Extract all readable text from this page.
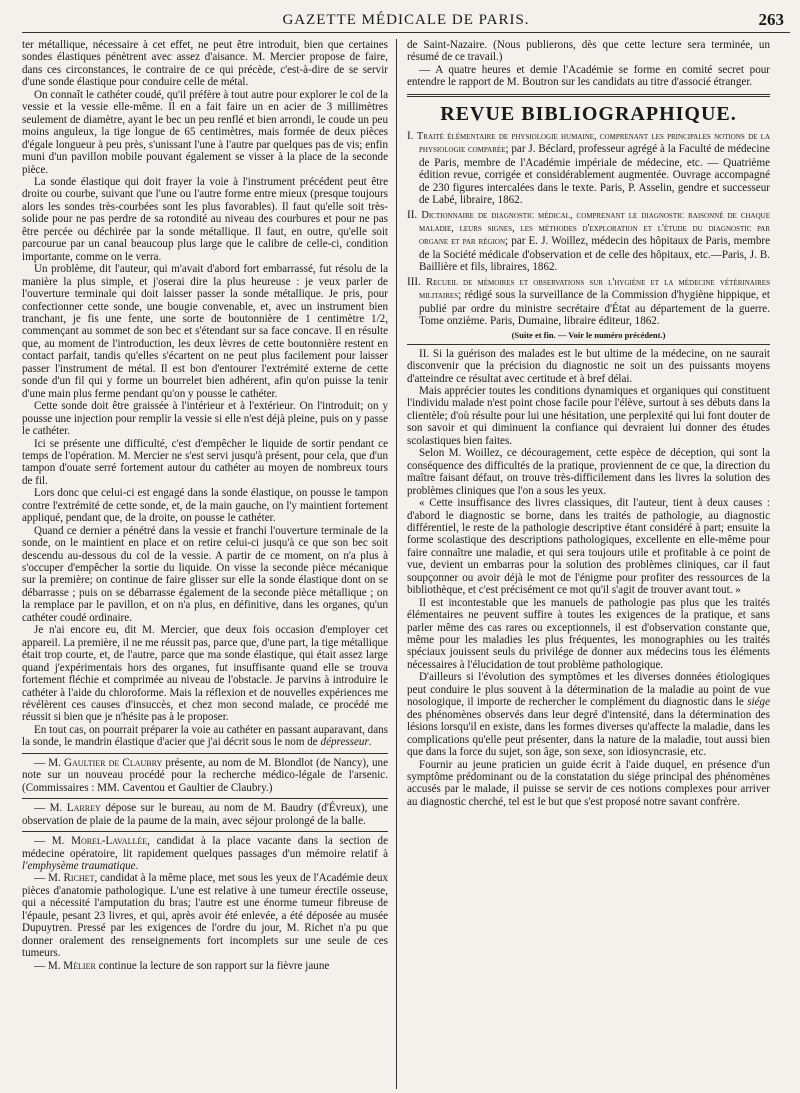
GAZETTE MÉDICALE DE PARIS.	263

ter métallique, nécessaire à cet effet, ne peut être introduit, bien que certaines sondes élastiques pénètrent avec assez d'aisance. M. Mercier propose de faire, dans ces circonstances, le contraire de ce qui précède, c'est-à-dire de se servir d'une sonde élastique pour conduire celle de métal.

On connaît le cathéter coudé, qu'il préfère à tout autre pour explorer le col de la vessie et la vessie elle-même. Il en a fait faire un en acier de 3 millimètres seulement de diamètre, ayant le bec un peu renflé et bien arrondi, le coude un peu moins anguleux, la tige longue de 65 centimètres, mais formée de deux pièces d'égale longueur à peu près, s'unissant l'une à l'autre par quelques pas de vis; enfin muni d'un pavillon mobile pouvant également se visser à la place de la seconde pièce.

La sonde élastique qui doit frayer la voie à l'instrument précédent peut être droite ou courbe, suivant que l'une ou l'autre forme entre mieux (presque toujours alors les sondes très-courbées sont les plus favorables). Il faut qu'elle soit très-solide pour ne pas perdre de sa rotondité au niveau des courbures et pour ne pas être percée ou déchirée par la sonde métallique. Il faut, en outre, qu'elle soit parcourue par un canal beaucoup plus large que le calibre de celle-ci, condition importante, comme on le verra.

Un problème, dit l'auteur, qui m'avait d'abord fort embarrassé, fut résolu de la manière la plus simple, et j'oserai dire la plus heureuse : je veux parler de l'ouverture terminale qui doit laisser passer la sonde métallique. Je pris, pour confectionner cette sonde, une bougie convenable, et, avec un instrument bien tranchant, je fis une fente, une sorte de boutonnière de 1 centimètre 1/2, commençant au sommet de son bec et s'étendant sur sa face concave. Il en résulte que, au moment de l'introduction, les deux lèvres de cette boutonnière restent en contact parfait, tandis qu'elles s'écartent on ne peut plus facilement pour laisser passer l'instrument de métal. Il est bon d'entourer l'extrémité externe de cette sonde d'un fil qui y forme un bourrelet bien adhérent, afin qu'on puisse la tenir d'une main plus ferme pendant qu'on y pousse le cathéter.

Cette sonde doit être graissée à l'intérieur et à l'extérieur. On l'introduit; on y pousse une injection pour remplir la vessie si elle n'est déjà pleine, puis on y passe le cathéter.

Ici se présente une difficulté, c'est d'empêcher le liquide de sortir pendant ce temps de l'opération. M. Mercier ne s'est servi jusqu'à présent, pour cela, que d'un tampon d'ouate serré fortement autour du cathéter au moyen de nombreux tours de fil.

Lors donc que celui-ci est engagé dans la sonde élastique, on pousse le tampon contre l'extrémité de cette sonde, et, de la main gauche, on l'y maintient fortement appliqué, pendant que, de la droite, on pousse le cathéter.

Quand ce dernier a pénétré dans la vessie et franchi l'ouverture terminale de la sonde, on le maintient en place et on retire celui-ci jusqu'à ce que son bec soit descendu au-dessous du col de la vessie. A partir de ce moment, on n'a plus à s'occuper d'empêcher la sortie du liquide. On visse la seconde pièce mécanique sur la première; on continue de faire glisser sur elle la sonde élastique dont on se débarrasse ; puis on se débarrasse également de la seconde pièce métallique ; on la remplace par le pavillon, et on n'a plus, en définitive, dans les organes, qu'un cathéter coudé ordinaire.

Je n'ai encore eu, dit M. Mercier, que deux fois occasion d'employer cet appareil. La première, il ne me réussit pas, parce que, d'une part, la tige métallique était trop courte, et, de l'autre, parce que ma sonde élastique, qui était assez large quand j'expérimentais hors des organes, fut insuffisante quand elle se trouva fortement fléchie et comprimée au niveau de l'obstacle. Je parvins à introduire le cathéter à l'aide du chloroforme. Mais la réflexion et de nouvelles expériences me révélèrent ces causes d'insuccès, et chez mon second malade, ce procédé me réussit si bien que je n'hésite pas à le proposer.

En tout cas, on pourrait préparer la voie au cathéter en passant auparavant, dans la sonde, le mandrin élastique d'acier que j'ai décrit sous le nom de dépresseur.

— M. Gaultier de Claubry présente, au nom de M. Blondlot (de Nancy), une note sur un nouveau procédé pour la recherche médico-légale de l'arsenic. (Commissaires : MM. Caventou et Gaultier de Claubry.)

— M. Larrey dépose sur le bureau, au nom de M. Baudry (d'Évreux), une observation de plaie de la paume de la main, avec séjour prolongé de la balle.

— M. Morel-Lavallée, candidat à la place vacante dans la section de médecine opératoire, lit rapidement quelques passages d'un mémoire relatif à l'emphysème traumatique.

— M. Richet, candidat à la même place, met sous les yeux de l'Académie deux pièces d'anatomie pathologique. L'une est relative à une tumeur érectile osseuse, qui a nécessité l'amputation du bras; l'autre est une énorme tumeur fibreuse de l'épaule, pesant 23 livres, et qui, après avoir été enlevée, a été déposée au musée Dupuytren. Pressé par les exigences de l'ordre du jour, M. Richet n'a pu que donner oralement des renseignements fort incomplets sur une seule de ces tumeurs.

— M. Mélier continue la lecture de son rapport sur la fièvre jaune

de Saint-Nazaire. (Nous publierons, dès que cette lecture sera terminée, un résumé de ce travail.)

— A quatre heures et demie l'Académie se forme en comité secret pour entendre le rapport de M. Boutron sur les candidats au titre d'associé étranger.

REVUE BIBLIOGRAPHIQUE.
I. Traité élémentaire de physiologie humaine, comprenant les principales notions de la physiologie comparée; par J. Béclard, professeur agrégé à la Faculté de médecine de Paris, membre de l'Académie impériale de médecine, etc. — Quatrième édition revue, corrigée et considérablement augmentée. Ouvrage accompagné de 230 figures intercalées dans le texte. Paris, P. Asselin, gendre et successeur de Labé, libraire, 1862.
II. Dictionnaire de diagnostic médical, comprenant le diagnostic raisonné de chaque maladie, leurs signes, les méthodes d'exploration et l'étude du diagnostic par organe et par région; par E. J. Woillez, médecin des hôpitaux de Paris, membre de la Société médicale d'observation et de celle des hôpitaux, etc.—Paris, J. B. Baillière et fils, libraires, 1862.
III. Recueil de mémoires et observations sur l'hygiène et la médecine vétérinaires militaires; rédigé sous la surveillance de la Commission d'hygiène hippique, et publié par ordre du ministre secrétaire d'État au département de la guerre. Tome onzième. Paris, Dumaine, libraire éditeur, 1862.
(Suite et fin. — Voir le numéro précédent.)

II. Si la guérison des malades est le but ultime de la médecine, on ne saurait disconvenir que la précision du diagnostic ne soit un des puissants moyens d'atteindre ce résultat avec certitude et à bref délai.

Mais apprécier toutes les conditions dynamiques et organiques qui constituent l'individu malade n'est point chose facile pour l'élève, surtout à ses débuts dans la clientèle; d'où résulte pour lui une hésitation, une perplexité qui lui font douter de son savoir et qui diminuent la confiance qui devraient lui donner des études scolastiques bien faites.

Selon M. Woillez, ce découragement, cette espèce de déception, qui sont la conséquence des difficultés de la pratique, proviennent de ce que, la direction du maître faisant défaut, on trouve très-difficilement dans les livres la solution des problèmes cliniques que l'on a sous les yeux.

« Cette insuffisance des livres classiques, dit l'auteur, tient à deux causes : d'abord le diagnostic se borne, dans les traités de pathologie, au diagnostic différentiel, le reste de la pathologie descriptive étant considéré à part; ensuite la forme scolastique des descriptions pathologiques, excellente en elle-même pour faire connaître une maladie, et qui sera toujours utile et profitable à ce point de vue, devient un embarras pour la solution des problèmes cliniques, car il faut soupçonner ou avoir déjà le mot de l'énigme pour profiter des ressources de la bibliothèque, et c'est précisément ce mot qu'il s'agit de trouver avant tout. »

Il est incontestable que les manuels de pathologie pas plus que les traités élémentaires ne peuvent suffire à toutes les exigences de la pratique, et sans parler même des cas rares ou exceptionnels, il est d'observation constante que, même pour les maladies les plus fréquentes, les monographies ou les traités spéciaux jouissent seuls du privilége de donner aux médecins tous les éléments nécessaires à l'élucidation de tout problème pathologique.

D'ailleurs si l'évolution des symptômes et les diverses données étiologiques peut conduire le plus souvent à la détermination de la maladie au point de vue nosologique, il importe de rechercher le complément du diagnostic dans le siége des phénomènes observés dans leur degré d'intensité, dans la détermination des lésions lorsqu'il en existe, dans les formes diverses qu'affecte la maladie, dans les complications qu'elle peut présenter, dans la nature de la maladie, tout aussi bien que dans la force du sujet, son âge, son sexe, son idiosyncrasie, etc.

Fournir au jeune praticien un guide écrit à l'aide duquel, en présence d'un symptôme prédominant ou de la constatation du siége principal des phénomènes accusés par le malade, il puisse se servir de ces notions complexes pour arriver au diagnostic cherché, tel est le but que s'est proposé notre savant confrère.
